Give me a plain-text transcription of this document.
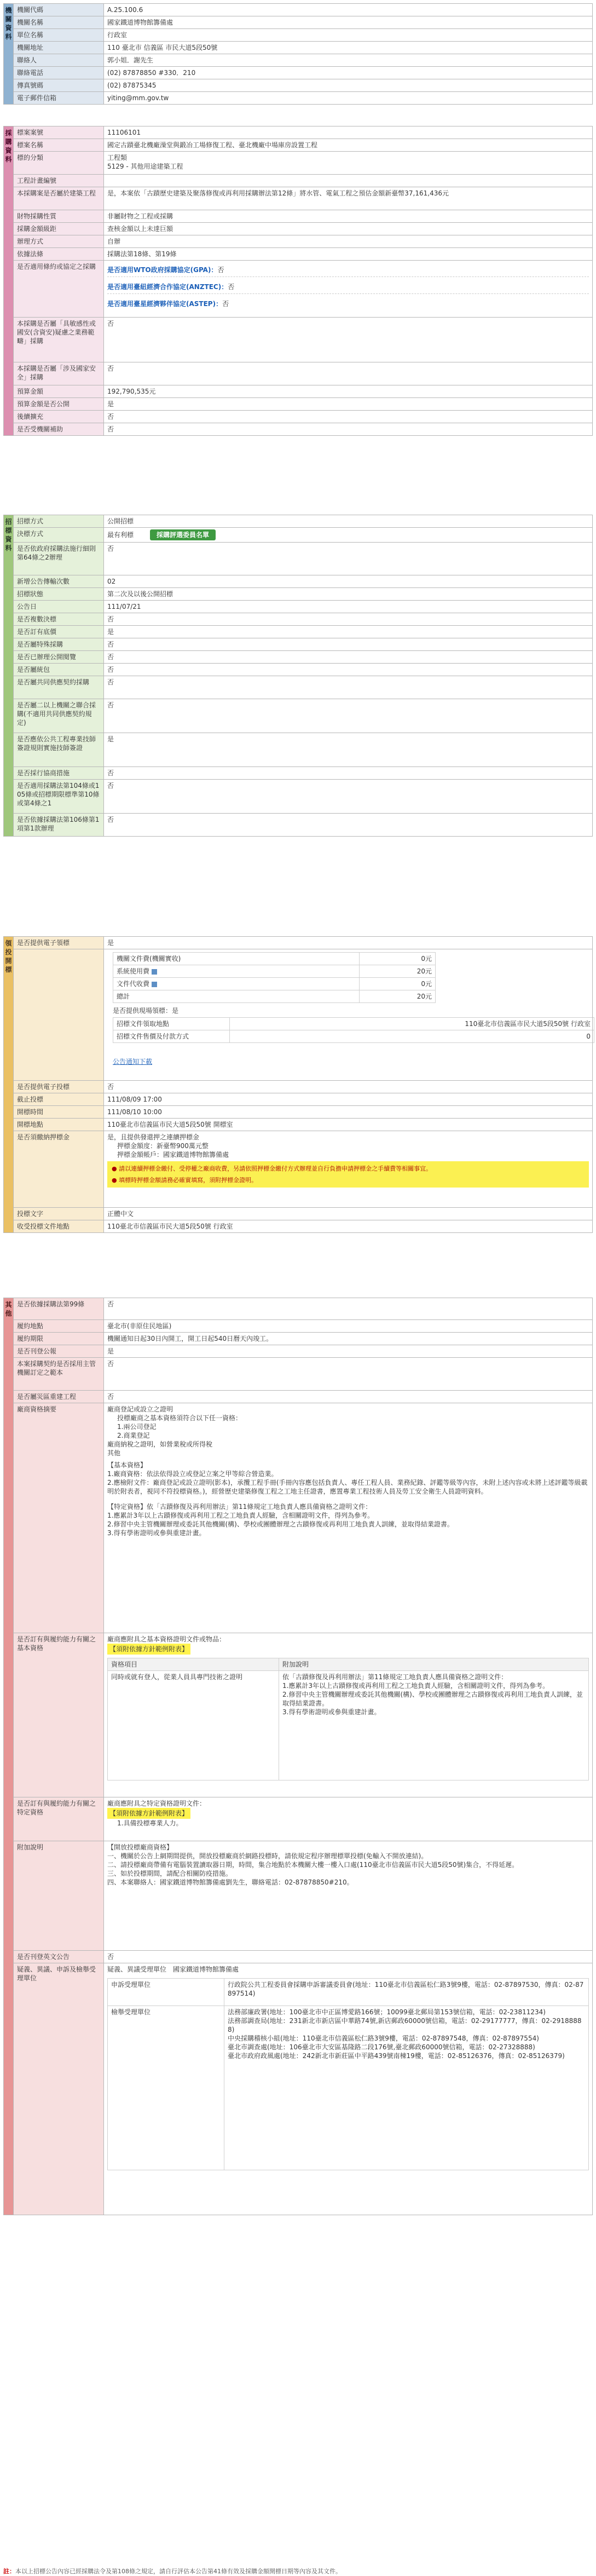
機關資料	機關代碼	A.25.100.6
	機關名稱	國家鐵道博物館籌備處
	單位名稱	行政室
	機關地址	110 臺北市 信義區 市民大道5段50號
	聯絡人	郭小姐．謝先生
	聯絡電話	(02) 87878850 #330．210
	傳真號碼	(02) 87875345
	電子郵件信箱	yiting@mm.gov.tw
採購資料	標案案號	11106101
	標案名稱	國定古蹟臺北機廠澡堂與鍛冶工場修復工程、臺北機廠中場庫房設置工程
	標的分類	工程類
5129 - 其他用途建築工程

	工程計畫編號	
	本採購案是否屬於建築工程	是，本案依「古蹟歷史建築及聚落修復或再利用採購辦法第12條」將水管、電氣工程之預估金額新臺幣37,161,436元
	財物採購性質	非屬財物之工程或採購
	採購金額級距	查核金額以上未達巨額
	辦理方式	自辦
	依據法條	採購法第18條、第19條
	是否適用條約或協定之採購	是否適用WTO政府採購協定(GPA)：否
是否適用臺紐經濟合作協定(ANZTEC)：否
是否適用臺星經濟夥伴協定(ASTEP)：否

	本採購是否屬「具敏感性或國安(含資安)疑慮之業務範疇」採購	否
	本採購是否屬「涉及國家安全」採購	否
	預算金額	192,790,535元
	預算金額是否公開	是
	後續擴充	否
	是否受機關補助	否
招標資料	招標方式	公開招標
	決標方式	最有利標 採購評選委員名單
	是否依政府採購法施行細則第64條之2辦理	否
	新增公告傳輸次數	02
	招標狀態	第二次及以後公開招標
	公告日	111/07/21
	是否複數決標	否
	是否訂有底價	是
	是否屬特殊採購	否
	是否已辦理公開閱覽	否
	是否屬統包	否
	是否屬共同供應契約採購	否
	是否屬二以上機關之聯合採購(不適用共同供應契約規定)	否
	是否應依公共工程專業技師簽證規則實施技師簽證	是
	是否採行協商措施	否
	是否適用採購法第104條或105條或招標期限標準第10條或第4條之1	否
	是否依據採購法第106條第1項第1款辦理	否
領投開標	是否提供電子領標	是

機關文件費(機關實收)	0元
系統使用費	20元
文件代收費	0元
總計	20元
是否提供現場領標：是
招標文件領取地點	110臺北市信義區市民大道5段50號 行政室
招標文件售價及付款方式	0
公告通知下載

是否提供電子投標	否
截止投標	111/08/09 17:00
開標時間	111/08/10 10:00
開標地點	110臺北市信義區市民大道5段50號 開標室
是否須繳納押標金	是，且提供發還押之連續押標金
押標金額度：新臺幣900萬元整
押標金額帳戶：國家鐵道博物館籌備處
● 請以連續押標金繳付、受停權之廠商收費，另請依照押標金繳付方式辦理並自行負擔申請押標金之手續費等相關事宜。
● 填標時押標金額請務必確實填寫，須附押標金證明。

投標文字	正體中文
收受投標文件地點	110臺北市信義區市民大道5段50號 行政室
其他	是否依據採購法第99條	否
履約地點	臺北市(非原住民地區)
履約期限	機關通知日起30日內開工，開工日起540日曆天內竣工。
是否刊登公報	是
本案採購契約是否採用主管機關訂定之範本	否
是否屬災區重建工程	否
廠商資格摘要	廠商登記或設立之證明
投標廠商之基本資格須符合以下任一資格：
1.兩公司登記
2.商業登記
廠商納稅之證明，如營業稅或所得稅
其他
【基本資格】
1.廠商資格：依法依得設立或登記立案之甲等綜合營造業。
2.應檢附文件：廠商登記或設立證明(影本)，承攬工程手冊(手冊內容應包括負責人、專任工程人員、業務紀錄、評鑑等級等內容，未附上述內容或未將上述評鑑等級載明於附表者，視同不符投標資格。)，經營歷史建築修復工程之工地主任證書，應置專業工程技術人員及勞工安全衛生人員證明資料。
【特定資格】依「古蹟修復及再利用辦法」第11條規定工地負責人應具備資格之證明文件：
1.應累計3年以上古蹟修復或再利用工程之工地負責人經驗，含相關證明文件，得列為參考。
2.修習中央主管機關辦理或委託其他機關(構)、學校或團體辦理之古蹟修復或再利用工地負責人訓練，並取得結業證書。
3.得有學術證明或參與重建計畫。

是否訂有與履約能力有關之基本資格	
廠商應附具之基本資格證明文件或物品：
【須附依據方針範例附表】
資格項目	附加說明
同時或就有登人，從業人員具專門技術之證明	依「古蹟修復及再利用辦法」第11條規定工地負責人應具備資格之證明文件：
1.應累計3年以上古蹟修復或再利用工程之工地負責人經驗，含相關證明文件，得列為參考。
2.修習中央主管機關辦理或委託其他機關(構)、學校或團體辦理之古蹟修復或再利用工地負責人訓練，並取得結業證書。
3.得有學術證明或參與重建計畫。

是否訂有與履約能力有關之特定資格	
廠商應附具之特定資格證明文件：
【須附依據方針範例附表】
1.具備投標專業人力。

附加說明	【開放投標廠商資格】
一、機關於公告上網期間提供，開放投標廠商於網路投標時，請依規定程序辦理標單投標(免輸入不開放連結)。
二、請投標廠商帶備有電腦裝置讀取器日期，時間，集合地點於本機關大樓一樓入口處(110臺北市信義區市民大道5段50號)集合，不得延遲。
三、如於投標期間，請配合相關防疫措施。
四、本案聯絡人：國家鐵道博物館籌備處劉先生，聯絡電話：02-87878850#210。

是否刊登英文公告	否
疑義、異議、申訴及檢舉受理單位	
疑義、異議受理單位　國家鐵道博物館籌備處
申訴受理單位	行政院公共工程委員會採購申訴審議委員會(地址：110臺北市信義區松仁路3號9樓，電話：02-87897530，傳真：02-87897514)
檢舉受理單位	法務部廉政署(地址：100臺北市中正區博愛路166號；10099臺北郵局第153號信箱，電話：02-23811234)
法務部調查局(地址：231新北市新店區中華路74號,新店郵政60000號信箱，電話：02-29177777，傳真：02-29188888)
中央採購稽核小組(地址：110臺北市信義區松仁路3號9樓，電話：02-87897548，傳真：02-87897554)
臺北市調查處(地址：106臺北市大安區基隆路二段176號,臺北郵政60000號信箱，電話：02-27328888)
臺北市政府政風處(地址：242新北市新莊區中平路439號南棟19樓，電話：02-85126376，傳真：02-85126379)
註：本以上招標公告內容已經採購法令及第108條之規定，請自行評估本公告第41條有效及採購金額開標日期等內容及其文件。
